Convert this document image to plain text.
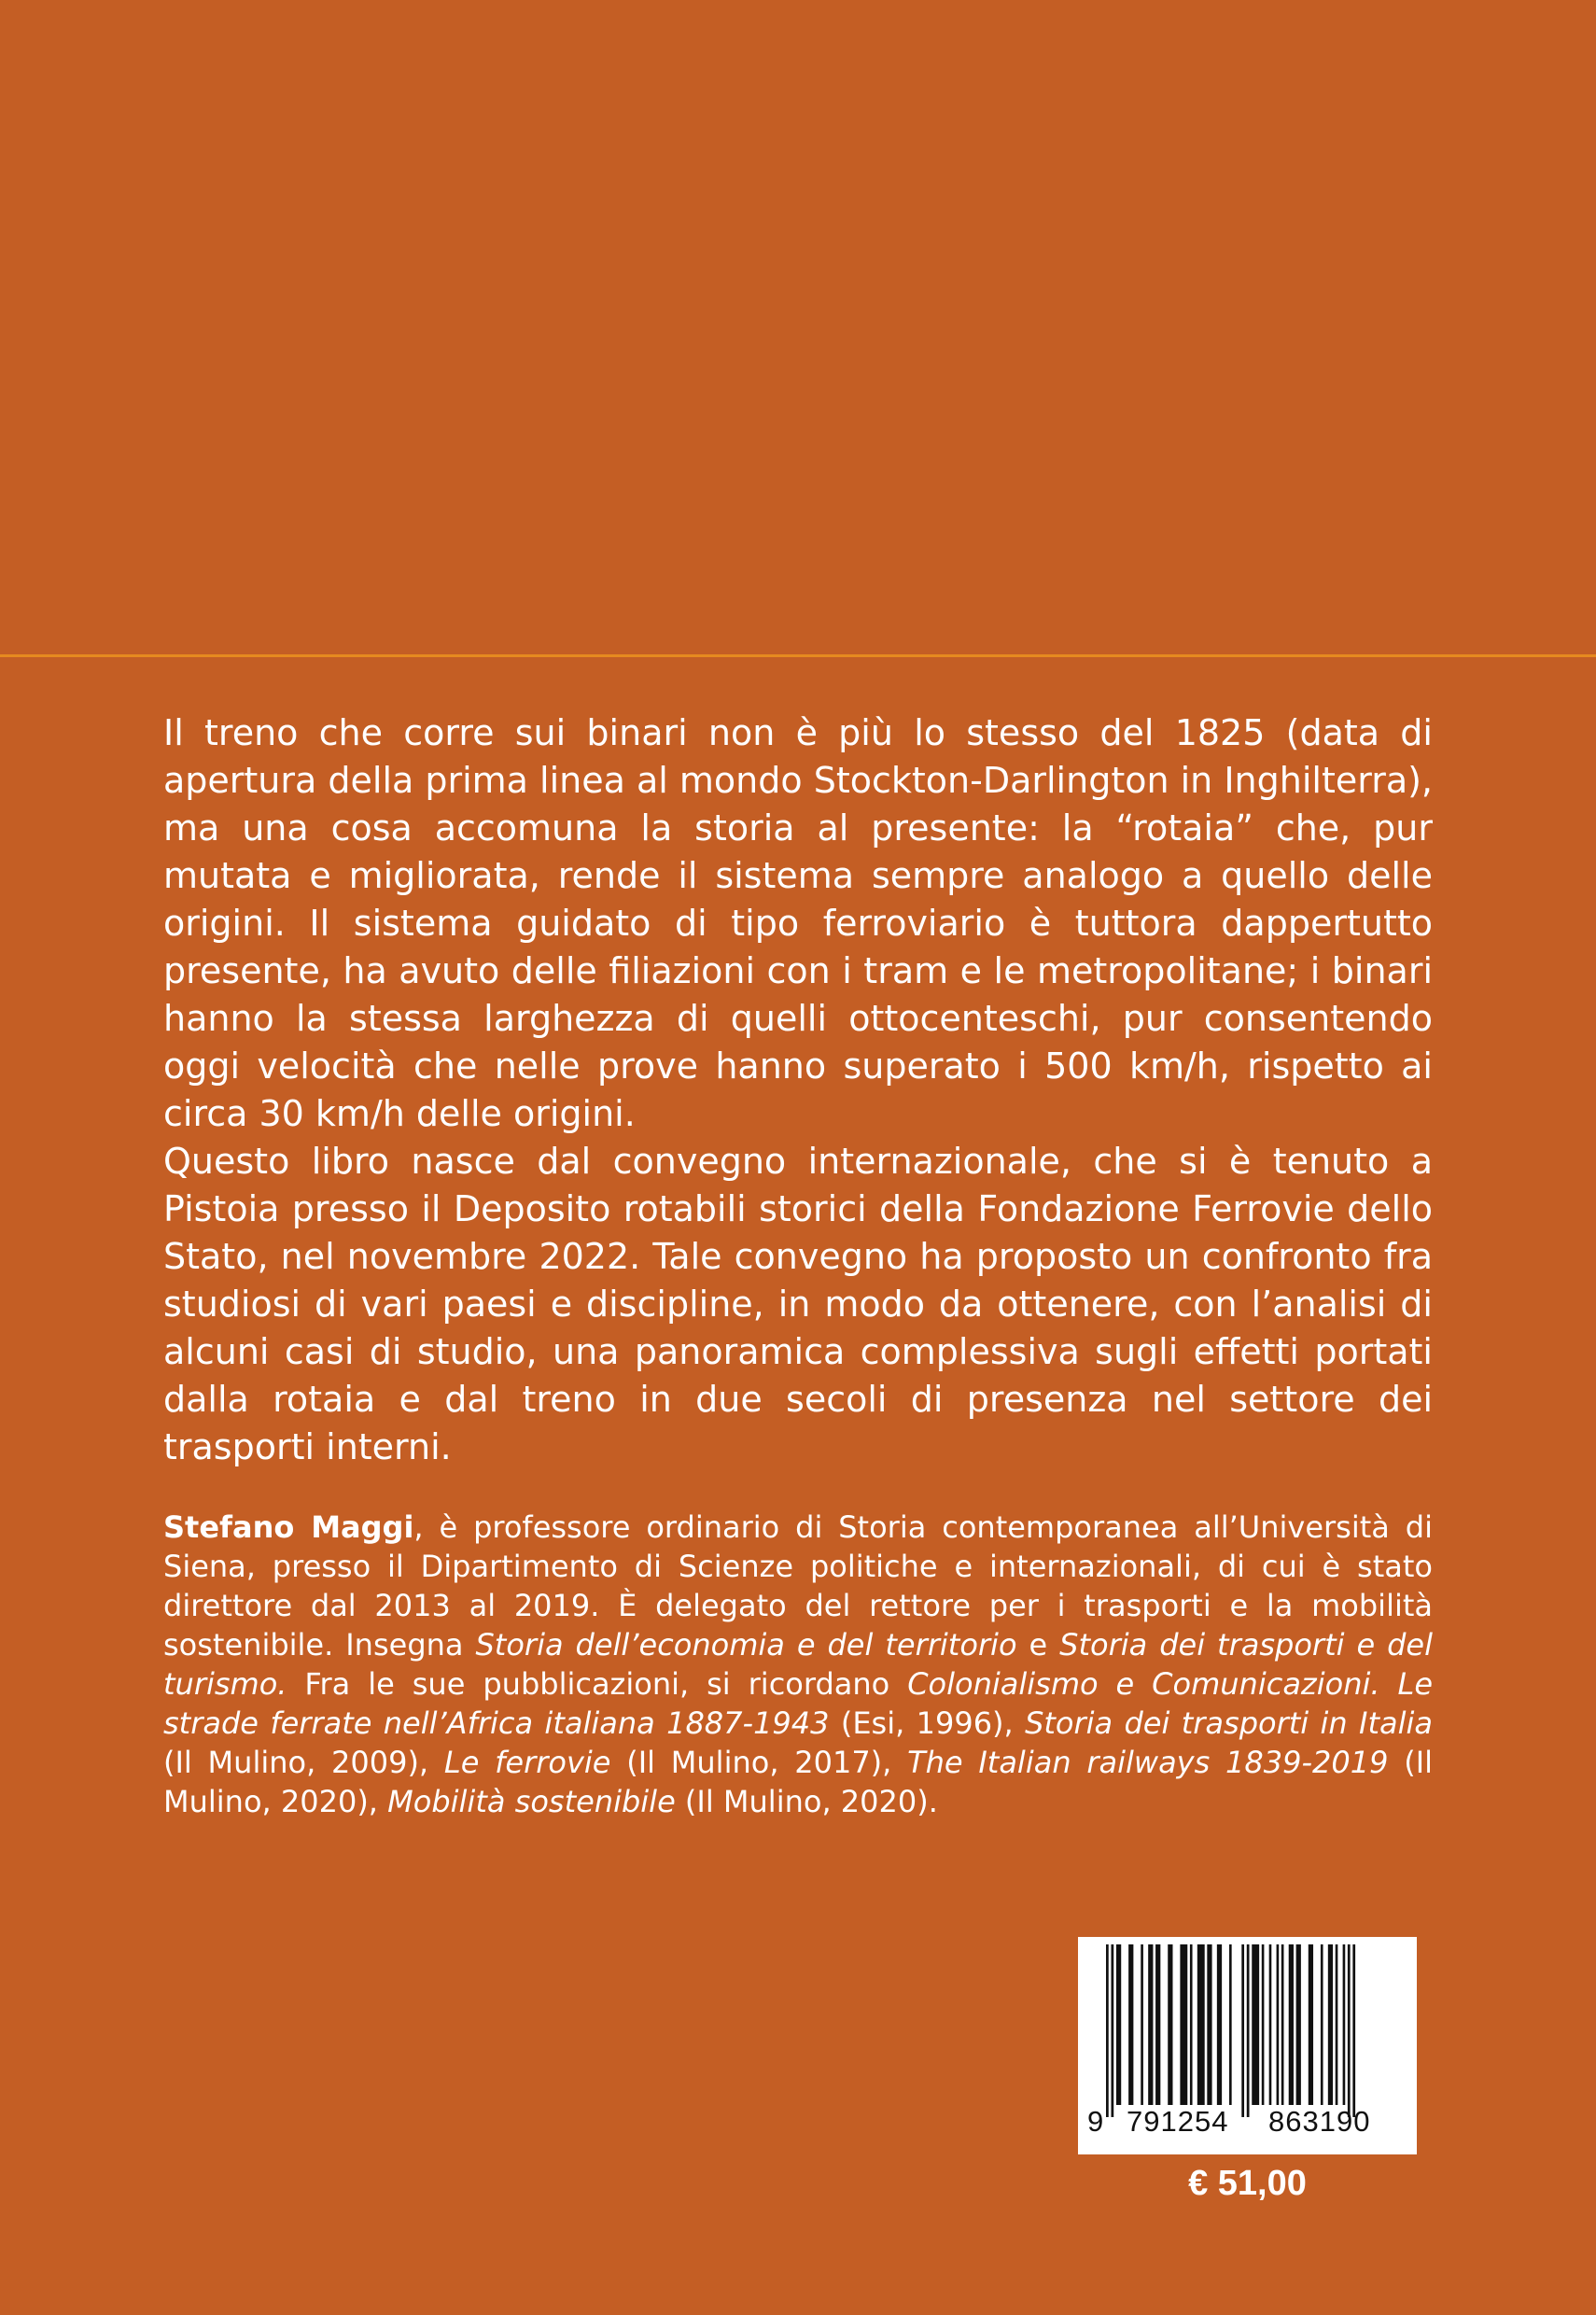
Il treno che corre sui binari non è più lo stesso del 1825 (data di apertura della prima linea al mondo Stockton-Darlington in Inghilterra), ma una cosa accomuna la storia al presente: la “rotaia” che, pur mutata e migliorata, rende il sistema sempre analogo a quello delle origini. Il sistema guidato di tipo ferroviario è tuttora dappertutto presente, ha avuto delle filiazioni con i tram e le metropolitane; i binari hanno la stessa larghezza di quelli ottocenteschi, pur consentendo oggi velocità che nelle prove hanno superato i 500 km/h, rispetto ai circa 30 km/h delle origini.

Questo libro nasce dal convegno internazionale, che si è tenuto a Pistoia presso il Deposito rotabili storici della Fondazione Ferrovie dello Stato, nel novembre 2022. Tale convegno ha proposto un confronto fra studiosi di vari paesi e discipline, in modo da ottenere, con l’analisi di alcuni casi di studio, una panoramica complessiva sugli effetti portati dalla rotaia e dal treno in due secoli di presenza nel settore dei trasporti interni.

Stefano Maggi, è professore ordinario di Storia contemporanea all’Università di Siena, presso il Dipartimento di Scienze politiche e internazionali, di cui è stato direttore dal 2013 al 2019. È delegato del rettore per i trasporti e la mobilità sostenibile. Insegna Storia dell’economia e del territorio e Storia dei trasporti e del turismo. Fra le sue pubblicazioni, si ricordano Colonialismo e Comunicazioni. Le strade ferrate nell’Africa italiana 1887-1943 (Esi, 1996), Storia dei trasporti in Italia (Il Mulino, 2009), Le ferrovie (Il Mulino, 2017), The Italian railways 1839-2019 (Il Mulino, 2020), Mobilità sostenibile (Il Mulino, 2020).

9 791254 863190
€ 51,00
